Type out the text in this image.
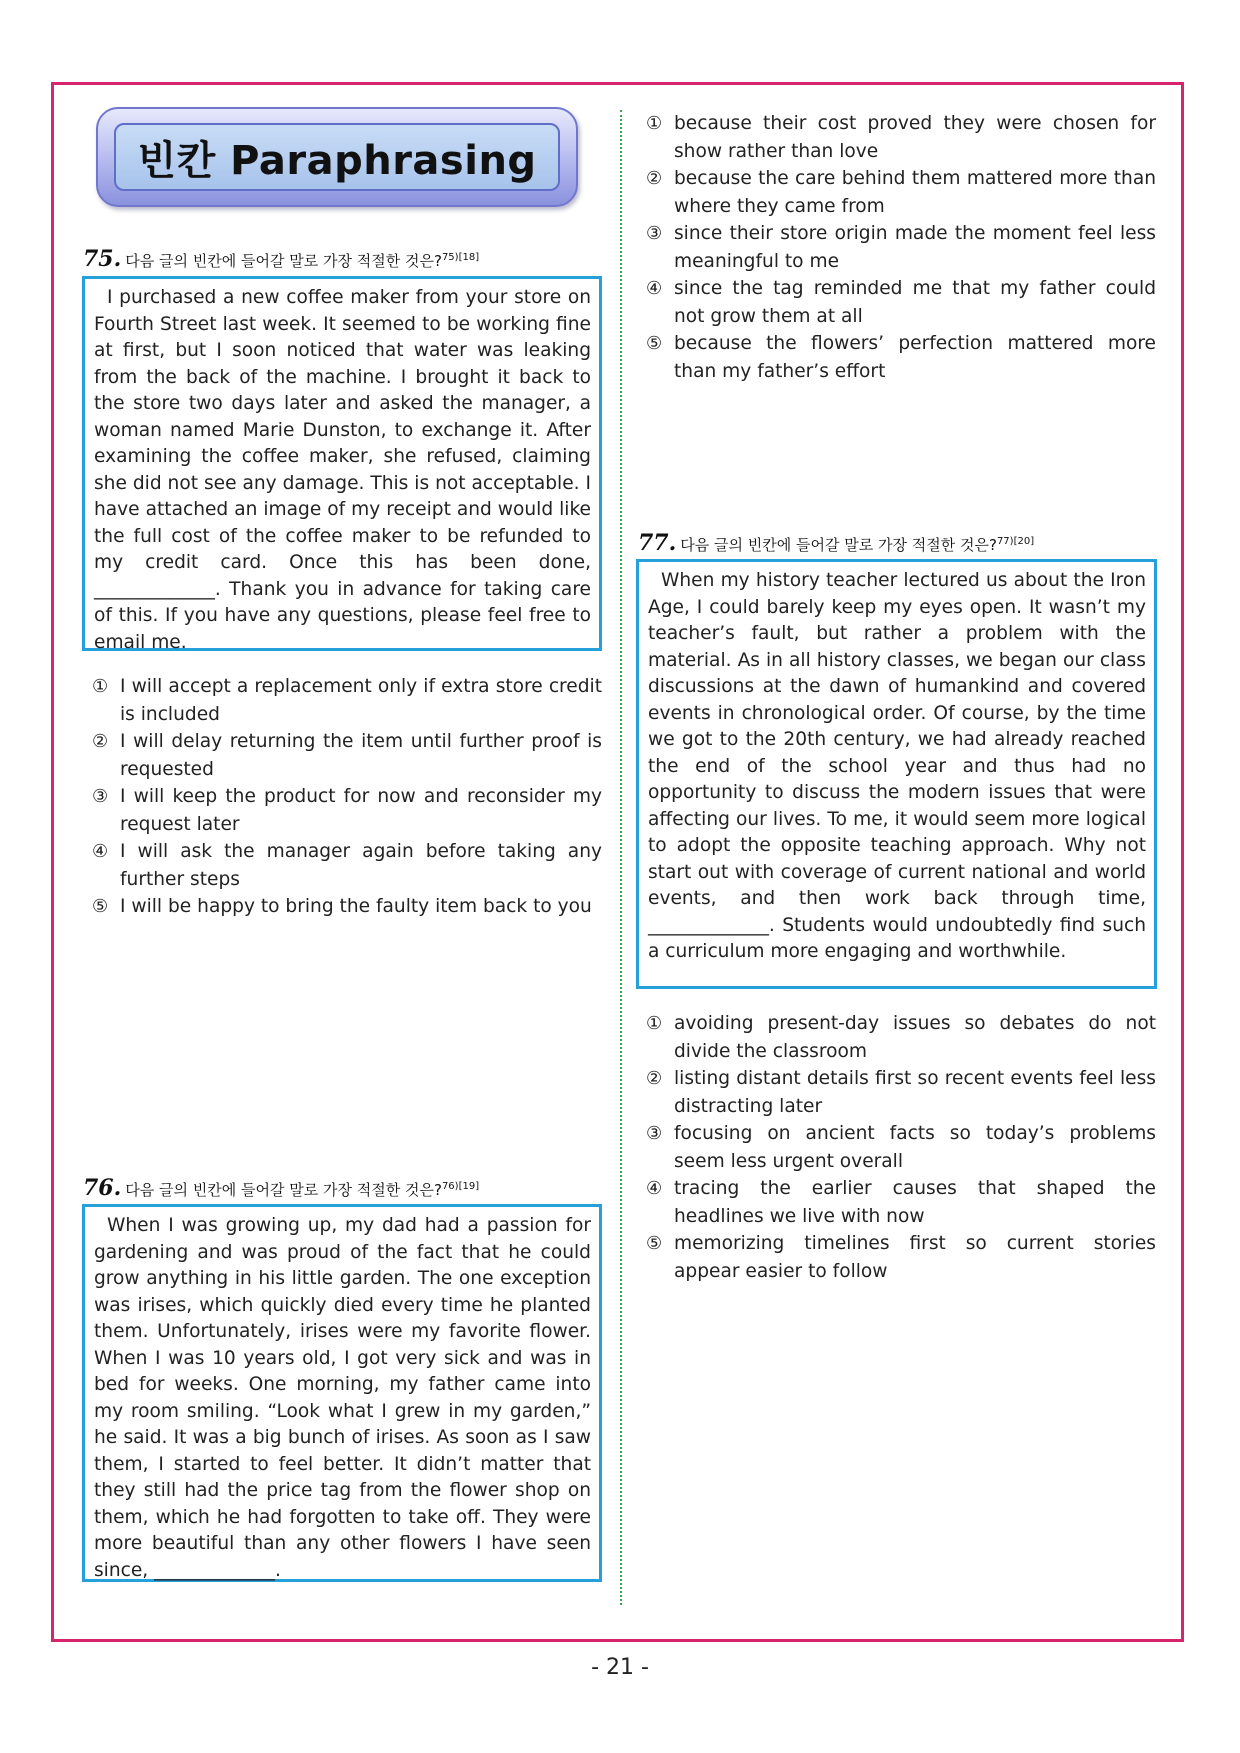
빈칸 Paraphrasing
75. 다음 글의 빈칸에 들어갈 말로 가장 적절한 것은?$^{75)[18]}$
I purchased a new coffee maker from your store on Fourth Street last week. It seemed to be working fine at first, but I soon noticed that water was leaking from the back of the machine. I brought it back to the store two days later and asked the manager, a woman named Marie Dunston, to exchange it. After examining the coffee maker, she refused, claiming she did not see any damage. This is not acceptable. I have attached an image of my receipt and would like the full cost of the coffee maker to be refunded to my credit card. Once this has been done, _____________. Thank you in advance for taking care of this. If you have any questions, please feel free to email me.
① I will accept a replacement only if extra store credit is included
② I will delay returning the item until further proof is requested
③ I will keep the product for now and reconsider my request later
④ I will ask the manager again before taking any further steps
⑤ I will be happy to bring the faulty item back to you
76. 다음 글의 빈칸에 들어갈 말로 가장 적절한 것은?$^{76)[19]}$
When I was growing up, my dad had a passion for gardening and was proud of the fact that he could grow anything in his little garden. The one exception was irises, which quickly died every time he planted them. Unfortunately, irises were my favorite flower. When I was 10 years old, I got very sick and was in bed for weeks. One morning, my father came into my room smiling. “Look what I grew in my garden,” he said. It was a big bunch of irises. As soon as I saw them, I started to feel better. It didn’t matter that they still had the price tag from the flower shop on them, which he had forgotten to take off. They were more beautiful than any other flowers I have seen since, _____________.
① because their cost proved they were chosen for show rather than love
② because the care behind them mattered more than where they came from
③ since their store origin made the moment feel less meaningful to me
④ since the tag reminded me that my father could not grow them at all
⑤ because the flowers’ perfection mattered more than my father’s effort
77. 다음 글의 빈칸에 들어갈 말로 가장 적절한 것은?$^{77)[20]}$
When my history teacher lectured us about the Iron Age, I could barely keep my eyes open. It wasn’t my teacher’s fault, but rather a problem with the material. As in all history classes, we began our class discussions at the dawn of humankind and covered events in chronological order. Of course, by the time we got to the 20th century, we had already reached the end of the school year and thus had no opportunity to discuss the modern issues that were affecting our lives. To me, it would seem more logical to adopt the opposite teaching approach. Why not start out with coverage of current national and world events, and then work back through time, _____________. Students would undoubtedly find such a curriculum more engaging and worthwhile.
① avoiding present-day issues so debates do not divide the classroom
② listing distant details first so recent events feel less distracting later
③ focusing on ancient facts so today’s problems seem less urgent overall
④ tracing the earlier causes that shaped the headlines we live with now
⑤ memorizing timelines first so current stories appear easier to follow
- 21 -
